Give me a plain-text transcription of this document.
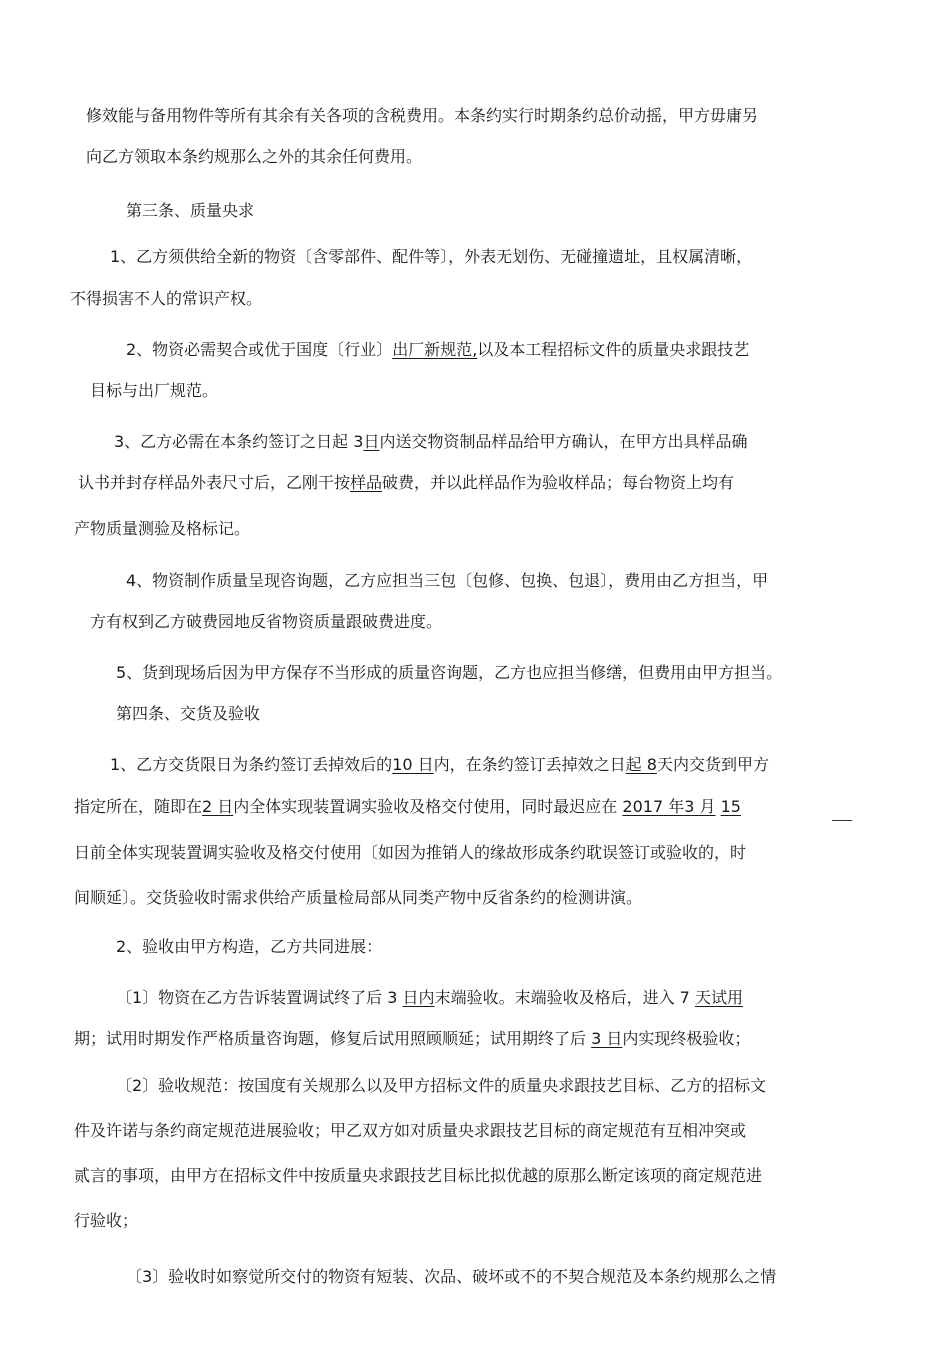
修效能与备用物件等所有其余有关各项的含税费用。本条约实行时期条约总价动摇，甲方毋庸另
向乙方领取本条约规那么之外的其余任何费用。
第三条、质量央求
1、乙方须供给全新的物资〔含零部件、配件等〕，外表无划伤、无碰撞遗址，且权属清晰，
不得损害不人的常识产权。
2、物资必需契合或优于国度〔行业〕出厂新规范,以及本工程招标文件的质量央求跟技艺
目标与出厂规范。
3、乙方必需在本条约签订之日起 3日内送交物资制品样品给甲方确认，在甲方出具样品确
认书并封存样品外表尺寸后，乙刚干按样品破费，并以此样品作为验收样品；每台物资上均有
产物质量测验及格标记。
4、物资制作质量呈现咨询题，乙方应担当三包〔包修、包换、包退〕，费用由乙方担当，甲
方有权到乙方破费园地反省物资质量跟破费进度。
5、货到现场后因为甲方保存不当形成的质量咨询题，乙方也应担当修缮，但费用由甲方担当。
第四条、交货及验收
1、乙方交货限日为条约签订丢掉效后的10 日内，在条约签订丢掉效之日起 8天内交货到甲方
指定所在，随即在2 日内全体实现装置调实验收及格交付使用，同时最迟应在 2017 年3 月 15
日前全体实现装置调实验收及格交付使用〔如因为推销人的缘故形成条约耽误签订或验收的，时
间顺延〕。交货验收时需求供给产质量检局部从同类产物中反省条约的检测讲演。
2、验收由甲方构造，乙方共同进展：
〔1〕物资在乙方告诉装置调试终了后 3 日内末端验收。末端验收及格后，进入 7 天试用
期；试用时期发作严格质量咨询题，修复后试用照顾顺延；试用期终了后 3 日内实现终极验收；
〔2〕验收规范：按国度有关规那么以及甲方招标文件的质量央求跟技艺目标、乙方的招标文
件及许诺与条约商定规范进展验收；甲乙双方如对质量央求跟技艺目标的商定规范有互相冲突或
贰言的事项，由甲方在招标文件中按质量央求跟技艺目标比拟优越的原那么断定该项的商定规范进
行验收；
〔3〕验收时如察觉所交付的物资有短装、次品、破坏或不的不契合规范及本条约规那么之情
